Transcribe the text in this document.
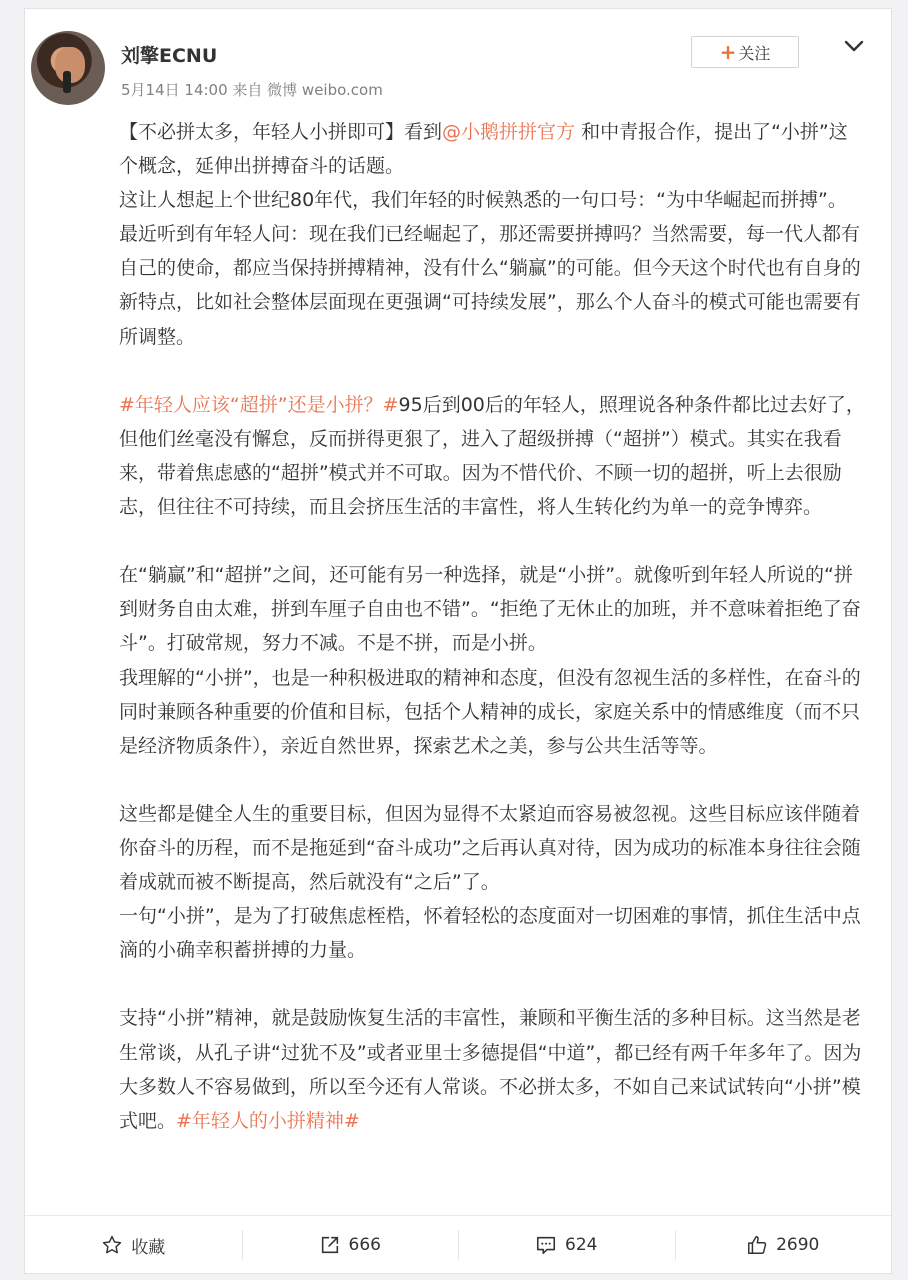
刘擎ECNU
5月14日 14:00 来自 微博 weibo.com
+ 关注

【不必拼太多，年轻人小拼即可】看到@小鹅拼拼官方 和中青报合作，提出了“小拼”这个概念，延伸出拼搏奋斗的话题。

这让人想起上个世纪80年代，我们年轻的时候熟悉的一句口号：“为中华崛起而拼搏”。最近听到有年轻人问：现在我们已经崛起了，那还需要拼搏吗？当然需要，每一代人都有自己的使命，都应当保持拼搏精神，没有什么“躺赢”的可能。但今天这个时代也有自身的新特点，比如社会整体层面现在更强调“可持续发展”，那么个人奋斗的模式可能也需要有所调整。

#年轻人应该“超拼”还是小拼？#95后到00后的年轻人，照理说各种条件都比过去好了，但他们丝毫没有懈怠，反而拼得更狠了，进入了超级拼搏（“超拼”）模式。其实在我看来，带着焦虑感的“超拼”模式并不可取。因为不惜代价、不顾一切的超拼，听上去很励志，但往往不可持续，而且会挤压生活的丰富性，将人生转化约为单一的竞争博弈。

在“躺赢”和“超拼”之间，还可能有另一种选择，就是“小拼”。就像听到年轻人所说的“拼到财务自由太难，拼到车厘子自由也不错”。“拒绝了无休止的加班，并不意味着拒绝了奋斗”。打破常规，努力不减。不是不拼，而是小拼。

我理解的“小拼”，也是一种积极进取的精神和态度，但没有忽视生活的多样性，在奋斗的同时兼顾各种重要的价值和目标，包括个人精神的成长，家庭关系中的情感维度（而不只是经济物质条件），亲近自然世界，探索艺术之美，参与公共生活等等。

这些都是健全人生的重要目标，但因为显得不太紧迫而容易被忽视。这些目标应该伴随着你奋斗的历程，而不是拖延到“奋斗成功”之后再认真对待，因为成功的标准本身往往会随着成就而被不断提高，然后就没有“之后”了。

一句“小拼”，是为了打破焦虑桎梏，怀着轻松的态度面对一切困难的事情，抓住生活中点滴的小确幸积蓄拼搏的力量。

支持“小拼”精神，就是鼓励恢复生活的丰富性，兼顾和平衡生活的多种目标。这当然是老生常谈，从孔子讲“过犹不及”或者亚里士多德提倡“中道”，都已经有两千年多年了。因为大多数人不容易做到，所以至今还有人常谈。不必拼太多，不如自己来试试转向“小拼”模式吧。#年轻人的小拼精神#

收藏	666	624	2690
